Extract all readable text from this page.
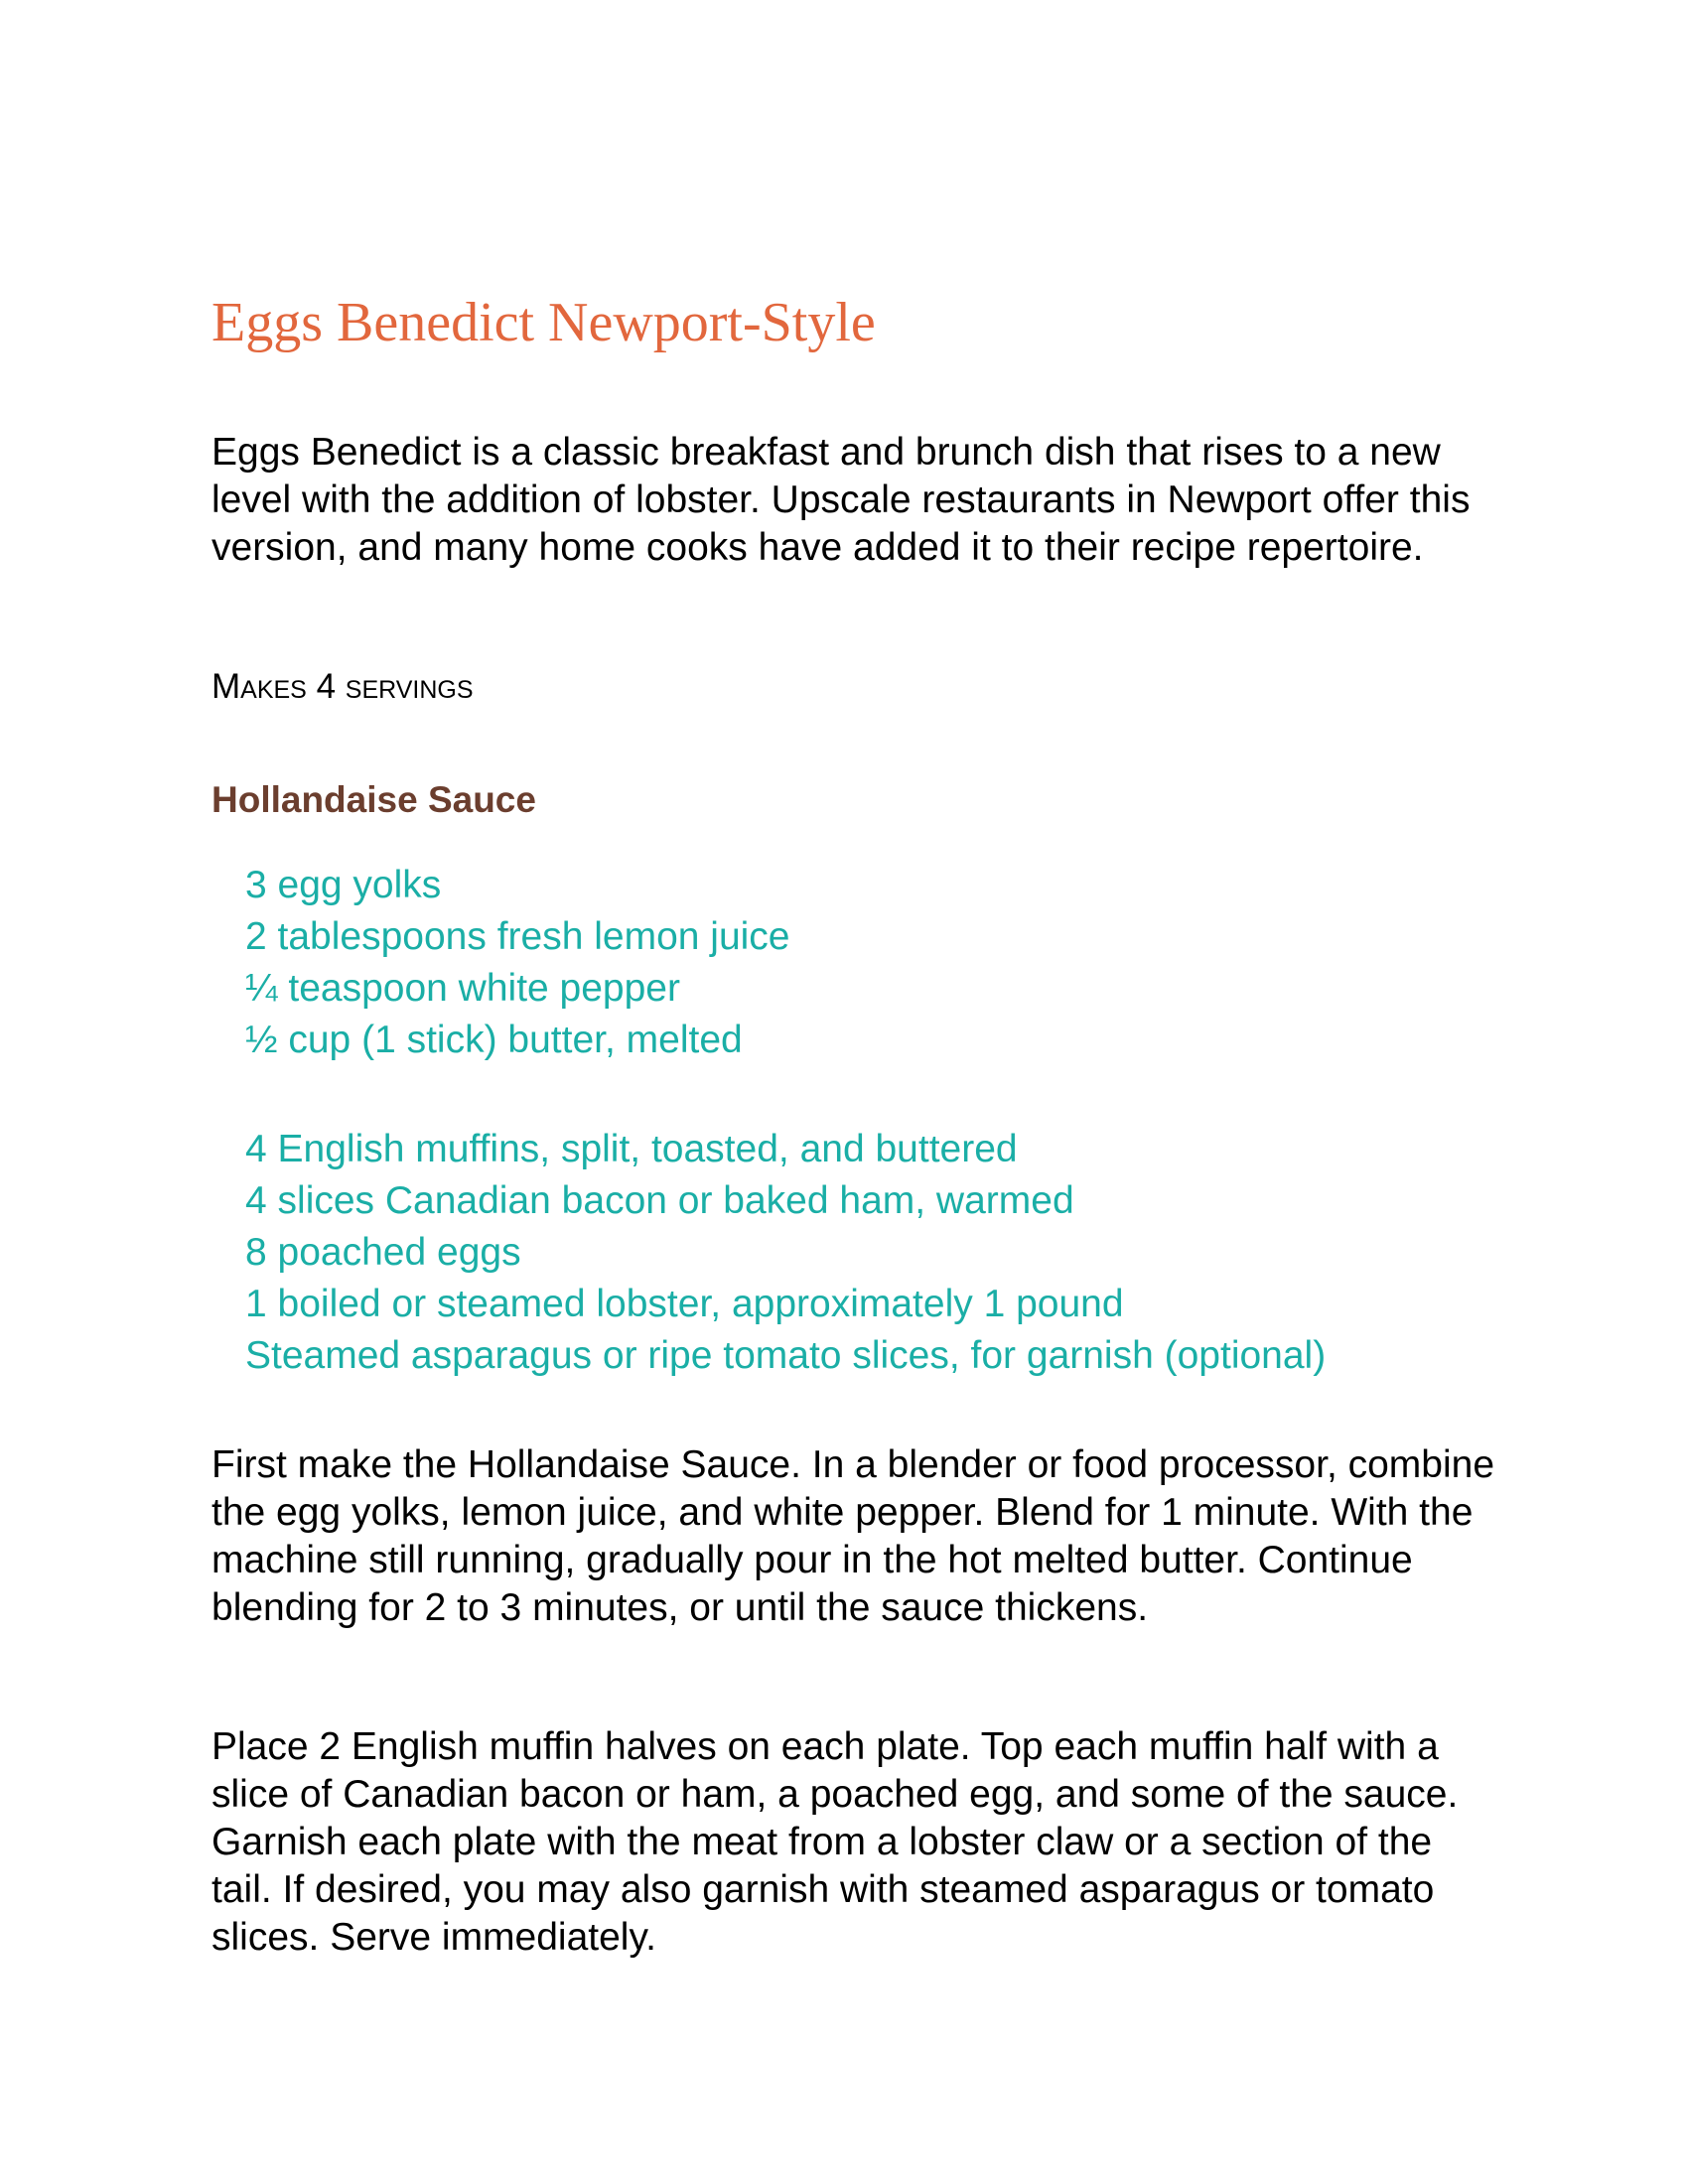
Eggs Benedict Newport-Style

Eggs Benedict is a classic breakfast and brunch dish that rises to a new level with the addition of lobster. Upscale restaurants in Newport offer this version, and many home cooks have added it to their recipe repertoire.

Makes 4 servings

Hollandaise Sauce
3 egg yolks
2 tablespoons fresh lemon juice
¼ teaspoon white pepper
½ cup (1 stick) butter, melted
4 English muffins, split, toasted, and buttered
4 slices Canadian bacon or baked ham, warmed
8 poached eggs
1 boiled or steamed lobster, approximately 1 pound
Steamed asparagus or ripe tomato slices, for garnish (optional)

First make the Hollandaise Sauce. In a blender or food processor, combine the egg yolks, lemon juice, and white pepper. Blend for 1 minute. With the machine still running, gradually pour in the hot melted butter. Continue blending for 2 to 3 minutes, or until the sauce thickens.

Place 2 English muffin halves on each plate. Top each muffin half with a slice of Canadian bacon or ham, a poached egg, and some of the sauce. Garnish each plate with the meat from a lobster claw or a section of the tail. If desired, you may also garnish with steamed asparagus or tomato slices. Serve immediately.
